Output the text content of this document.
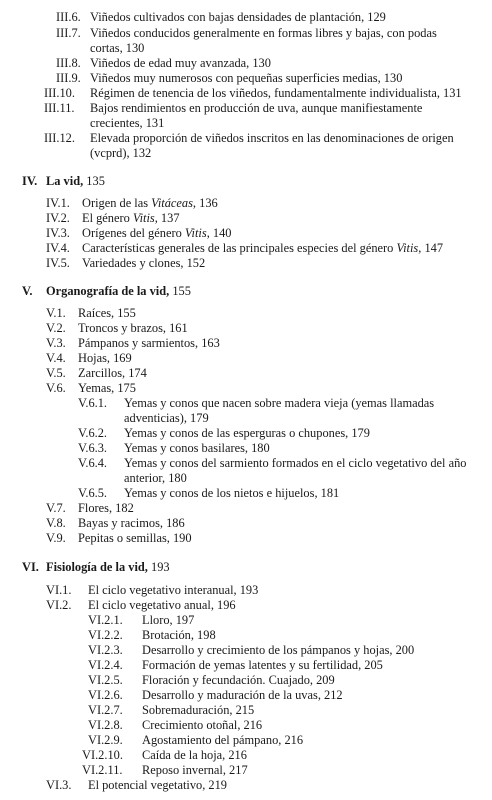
III.6. Viñedos cultivados con bajas densidades de plantación, 129
III.7. Viñedos conducidos generalmente en formas libres y bajas, con podas
cortas, 130
III.8. Viñedos de edad muy avanzada, 130
III.9. Viñedos muy numerosos con pequeñas superficies medias, 130
III.10. Régimen de tenencia de los viñedos, fundamentalmente individualista, 131
III.11. Bajos rendimientos en producción de uva, aunque manifiestamente
crecientes, 131
III.12. Elevada proporción de viñedos inscritos en las denominaciones de origen
(vcprd), 132
IV. La vid, 135
IV.1. Origen de las Vitáceas, 136
IV.2. El género Vitis, 137
IV.3. Orígenes del género Vitis, 140
IV.4. Características generales de las principales especies del género Vitis, 147
IV.5. Variedades y clones, 152
V. Organografía de la vid, 155
V.1. Raíces, 155
V.2. Troncos y brazos, 161
V.3. Pámpanos y sarmientos, 163
V.4. Hojas, 169
V.5. Zarcillos, 174
V.6. Yemas, 175
V.6.1. Yemas y conos que nacen sobre madera vieja (yemas llamadas
adventicias), 179
V.6.2. Yemas y conos de las esperguras o chupones, 179
V.6.3. Yemas y conos basilares, 180
V.6.4. Yemas y conos del sarmiento formados en el ciclo vegetativo del año
anterior, 180
V.6.5. Yemas y conos de los nietos e hijuelos, 181
V.7. Flores, 182
V.8. Bayas y racimos, 186
V.9. Pepitas o semillas, 190
VI. Fisiología de la vid, 193
VI.1. El ciclo vegetativo interanual, 193
VI.2. El ciclo vegetativo anual, 196
VI.2.1. Lloro, 197
VI.2.2. Brotación, 198
VI.2.3. Desarrollo y crecimiento de los pámpanos y hojas, 200
VI.2.4. Formación de yemas latentes y su fertilidad, 205
VI.2.5. Floración y fecundación. Cuajado, 209
VI.2.6. Desarrollo y maduración de la uvas, 212
VI.2.7. Sobremaduración, 215
VI.2.8. Crecimiento otoñal, 216
VI.2.9. Agostamiento del pámpano, 216
VI.2.10. Caída de la hoja, 216
VI.2.11. Reposo invernal, 217
VI.3. El potencial vegetativo, 219
